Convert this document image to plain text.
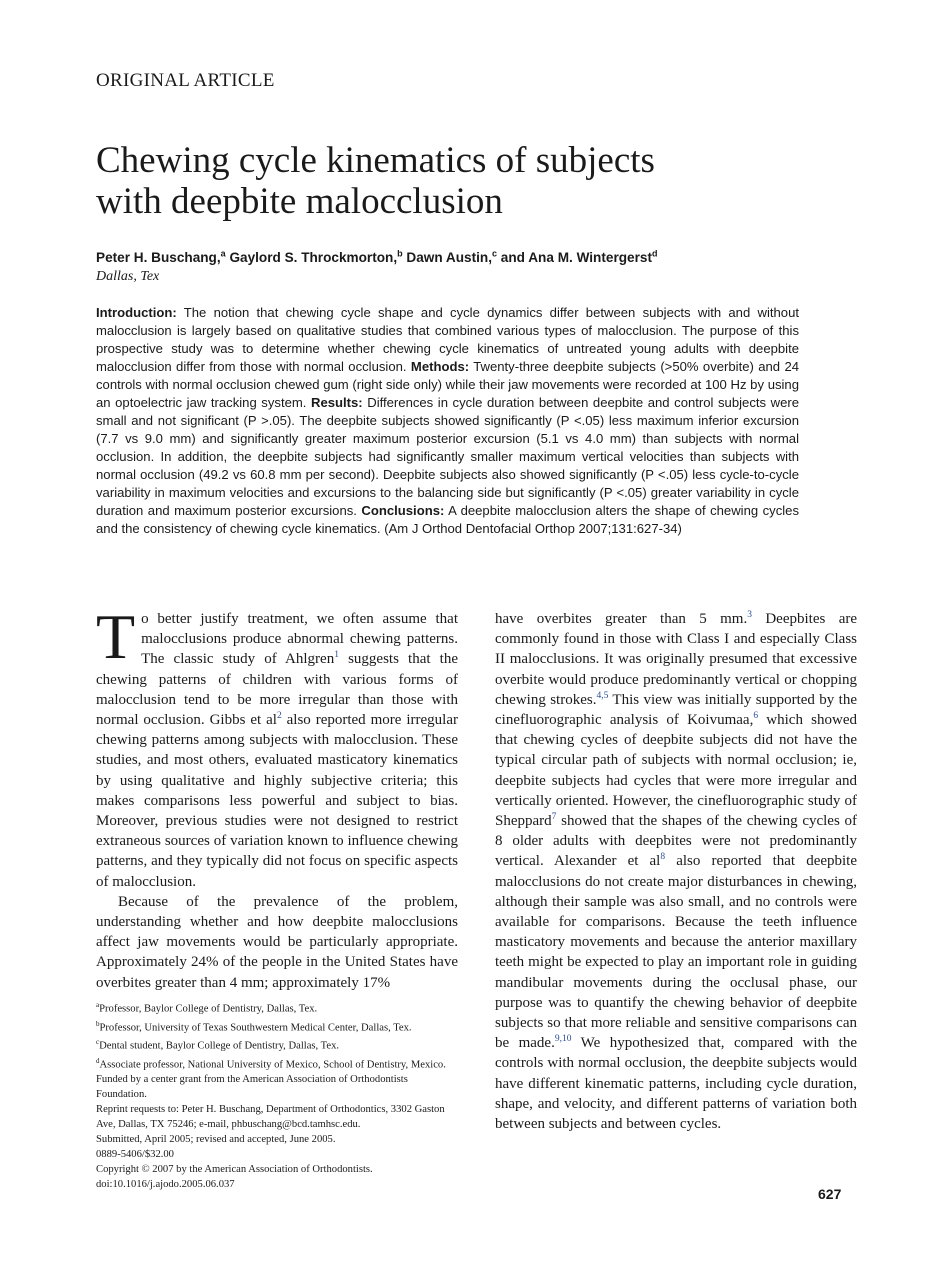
ORIGINAL ARTICLE
Chewing cycle kinematics of subjects
with deepbite malocclusion
Peter H. Buschang,$^a$ Gaylord S. Throckmorton,$^b$ Dawn Austin,$^c$ and Ana M. Wintergerst$^d$
Dallas, Tex

Introduction: The notion that chewing cycle shape and cycle dynamics differ between subjects with and without malocclusion is largely based on qualitative studies that combined various types of malocclusion. The purpose of this prospective study was to determine whether chewing cycle kinematics of untreated young adults with deepbite malocclusion differ from those with normal occlusion. Methods: Twenty-three deepbite subjects (>50% overbite) and 24 controls with normal occlusion chewed gum (right side only) while their jaw movements were recorded at 100 Hz by using an optoelectric jaw tracking system. Results: Differences in cycle duration between deepbite and control subjects were small and not significant (P >.05). The deepbite subjects showed significantly (P <.05) less maximum inferior excursion (7.7 vs 9.0 mm) and significantly greater maximum posterior excursion (5.1 vs 4.0 mm) than subjects with normal occlusion. In addition, the deepbite subjects had significantly smaller maximum vertical velocities than subjects with normal occlusion (49.2 vs 60.8 mm per second). Deepbite subjects also showed significantly (P <.05) less cycle-to-cycle variability in maximum velocities and excursions to the balancing side but significantly (P <.05) greater variability in cycle duration and maximum posterior excursions. Conclusions: A deepbite malocclusion alters the shape of chewing cycles and the consistency of chewing cycle kinematics. (Am J Orthod Dentofacial Orthop 2007;131:627-34)

To better justify treatment, we often assume that malocclusions produce abnormal chewing patterns. The classic study of Ahlgren$^1$ suggests that the chewing patterns of children with various forms of malocclusion tend to be more irregular than those with normal occlusion. Gibbs et $al^2$ also reported more irregular chewing patterns among subjects with malocclusion. These studies, and most others, evaluated masticatory kinematics by using qualitative and highly subjective criteria; this makes comparisons less powerful and subject to bias. Moreover, previous studies were not designed to restrict extraneous sources of variation known to influence chewing patterns, and they typically did not focus on specific aspects of malocclusion.

Because of the prevalence of the problem, understanding whether and how deepbite malocclusions affect jaw movements would be particularly appropriate. Approximately 24% of the people in the United States have overbites greater than 4 mm; approximately 17%

have overbites greater than 5 mm.$^3$ Deepbites are commonly found in those with Class I and especially Class II malocclusions. It was originally presumed that excessive overbite would produce predominantly vertical or chopping chewing strokes.$^{4,5}$ This view was initially supported by the cinefluorographic analysis of Koivumaa,$^6$ which showed that chewing cycles of deepbite subjects did not have the typical circular path of subjects with normal occlusion; ie, deepbite subjects had cycles that were more irregular and vertically oriented. However, the cinefluorographic study of Sheppard$^7$ showed that the shapes of the chewing cycles of 8 older adults with deepbites were not predominantly vertical. Alexander et $al^8$ also reported that deepbite malocclusions do not create major disturbances in chewing, although their sample was also small, and no controls were available for comparisons. Because the teeth influence masticatory movements and because the anterior maxillary teeth might be expected to play an important role in guiding mandibular movements during the occlusal phase, our purpose was to quantify the chewing behavior of deepbite subjects so that more reliable and sensitive comparisons can be made.$^{9,10}$ We hypothesized that, compared with the controls with normal occlusion, the deepbite subjects would have different kinematic patterns, including cycle duration, shape, and velocity, and different patterns of variation both between subjects and between cycles.

$^a$Professor, Baylor College of Dentistry, Dallas, Tex.
$^b$Professor, University of Texas Southwestern Medical Center, Dallas, Tex.
$^c$Dental student, Baylor College of Dentistry, Dallas, Tex.
$^d$Associate professor, National University of Mexico, School of Dentistry, Mexico.
Funded by a center grant from the American Association of Orthodontists Foundation.
Reprint requests to: Peter H. Buschang, Department of Orthodontics, 3302 Gaston Ave, Dallas, TX 75246; e-mail, phbuschang@bcd.tamhsc.edu.
Submitted, April 2005; revised and accepted, June 2005.
0889-5406/$32.00
Copyright © 2007 by the American Association of Orthodontists.
doi:10.1016/j.ajodo.2005.06.037
627
